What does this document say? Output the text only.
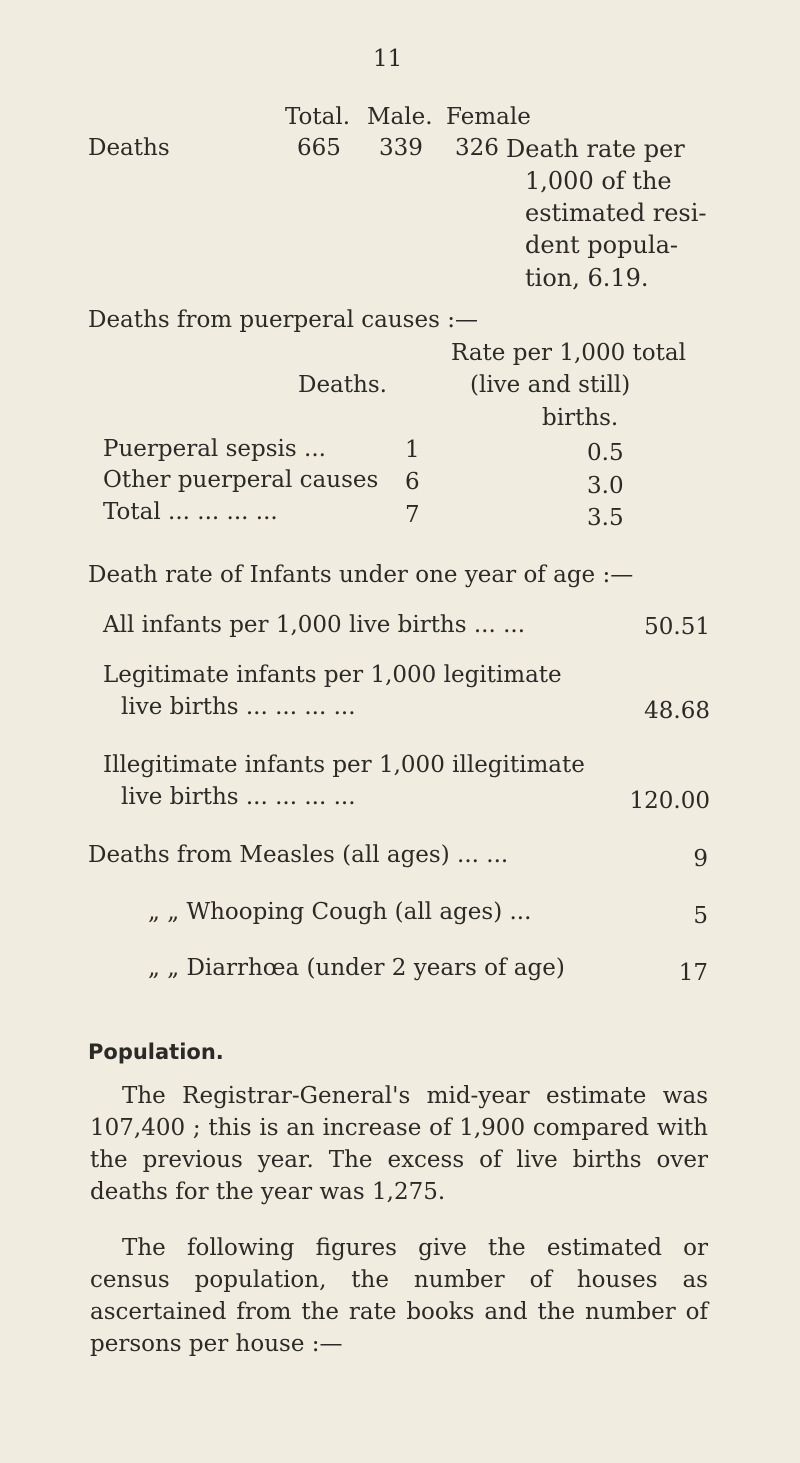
11
Total. Male. Female
Deaths	665 339 326 Death rate per
1,000 of the
estimated resi-
dent popula-
tion, 6.19.
Deaths from puerperal causes :—
Rate per 1,000 total
Deaths.	(live and still)
births.
Puerperal sepsis ...	1	0.5
Other puerperal causes 6	3.0
Total ... ... ... ...	7	3.5
Death rate of Infants under one year of age :—
All infants per 1,000 live births ... ...	50.51
Legitimate infants per 1,000 legitimate
live births ... ... ... ...	48.68
Illegitimate infants per 1,000 illegitimate
live births ... ... ... ...	120.00
Deaths from Measles (all ages) ... ...	9
„ „ Whooping Cough (all ages) ...	5
„ „ Diarrhœa (under 2 years of age)	17
Population.
The Registrar-General's mid-year estimate was 107,400 ; this is an increase of 1,900 compared with the previous year. The excess of live births over deaths for the year was 1,275.
The following figures give the estimated or census population, the number of houses as ascertained from the rate books and the number of persons per house :—
